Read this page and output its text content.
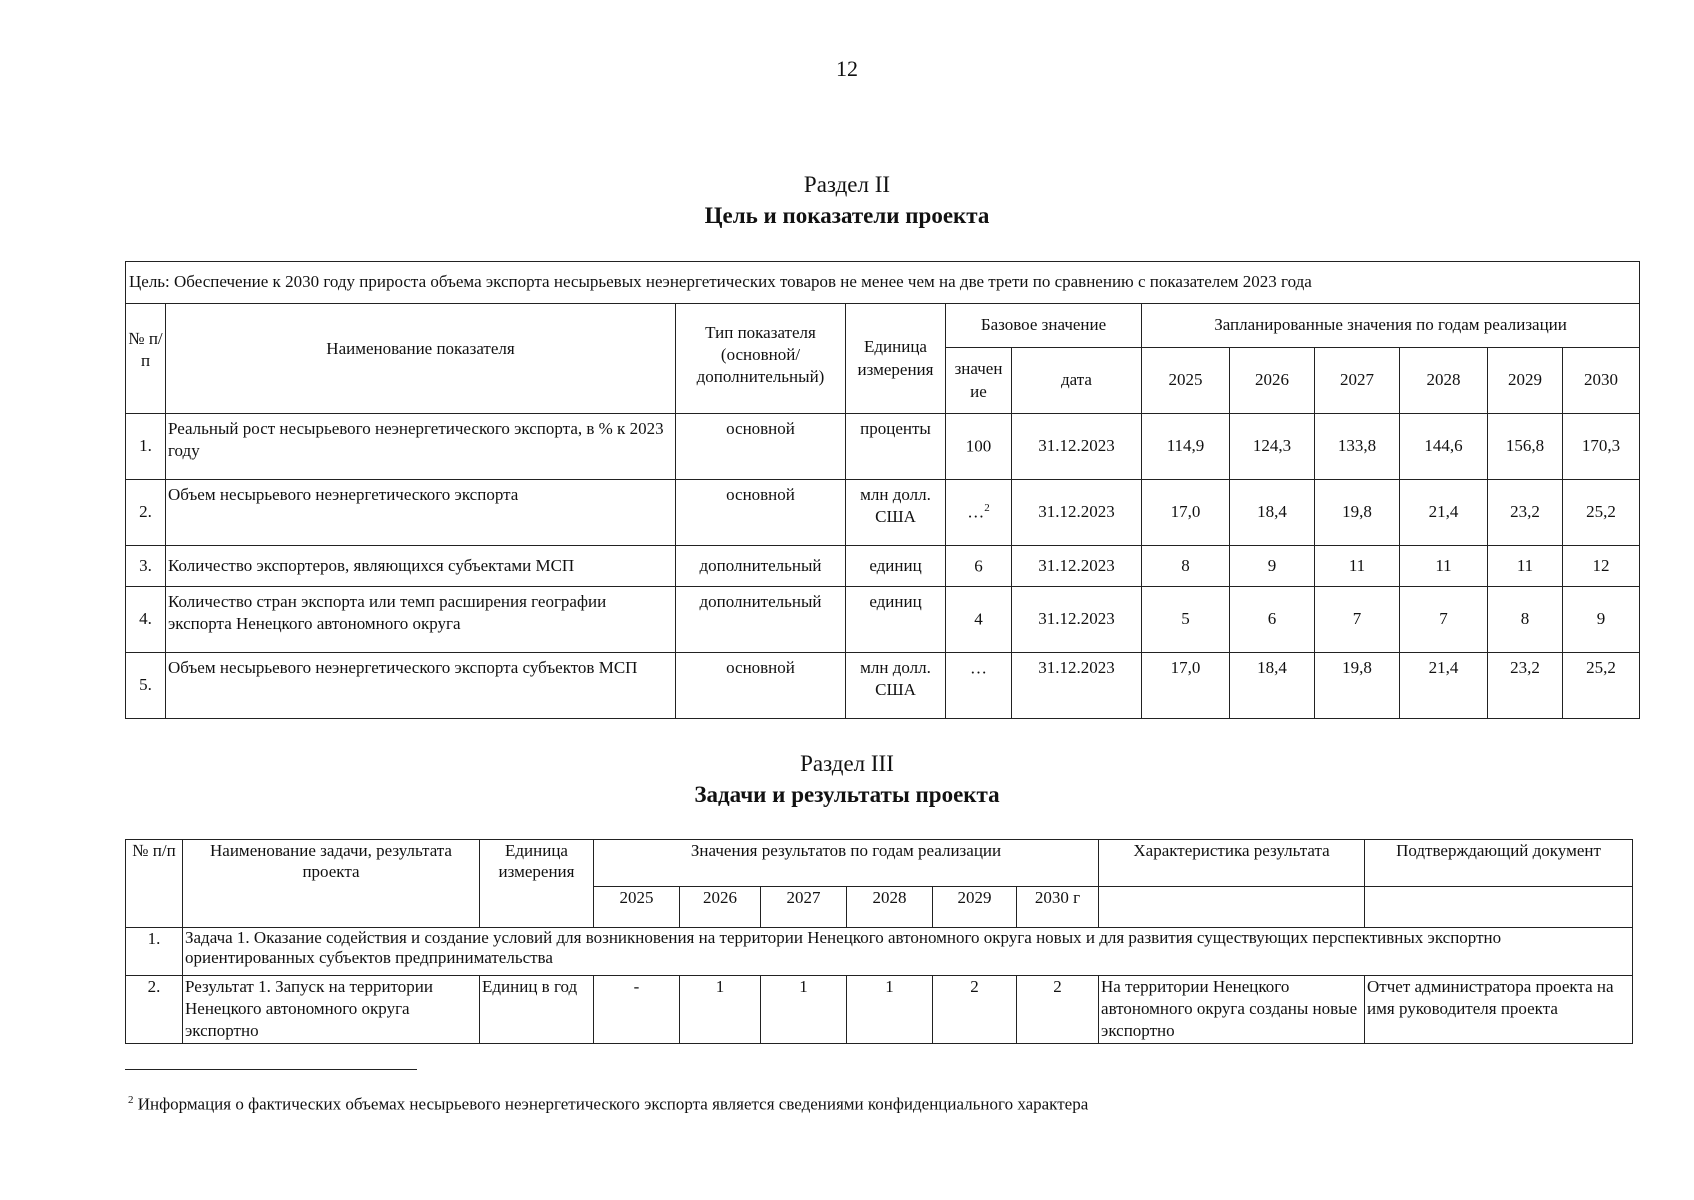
12
Раздел II
Цель и показатели проекта
Цель: Обеспечение к 2030 году прироста объема экспорта несырьевых неэнергетических товаров не менее чем на две трети по сравнению с показателем 2023 года											
№ п/п	Наименование показателя	Тип показателя (основной/ дополнительный)	Единица измерения	Базовое значение		Запланированные значения по годам реализации					
				значен ие	дата	2025	2026	2027	2028	2029	2030
1.	Реальный рост несырьевого неэнергетического экспорта, в % к 2023 году	основной	проценты	100	31.12.2023	114,9	124,3	133,8	144,6	156,8	170,3
2.	Объем несырьевого неэнергетического экспорта	основной	млн долл. США	…$^2$	31.12.2023	17,0	18,4	19,8	21,4	23,2	25,2
3.	Количество экспортеров, являющихся субъектами МСП	дополнительный	единиц	6	31.12.2023	8	9	11	11	11	12
4.	Количество стран экспорта или темп расширения географии экспорта Ненецкого автономного округа	дополнительный	единиц	4	31.12.2023	5	6	7	7	8	9
5.	Объем несырьевого неэнергетического экспорта субъектов МСП	основной	млн долл. США	…	31.12.2023	17,0	18,4	19,8	21,4	23,2	25,2
Раздел III
Задачи и результаты проекта
№ п/п	Наименование задачи, результата проекта	Единица измерения	Значения результатов по годам реализации						Характеристика результата	Подтверждающий документ
			2025	2026	2027	2028	2029	2030 г		
1.	Задача 1. Оказание содействия и создание условий для возникновения на территории Ненецкого автономного округа новых и для развития существующих перспективных экспортно ориентированных субъектов предпринимательства									
2.	Результат 1. Запуск на территории Ненецкого автономного округа экспортно	Единиц в год	-	1	1	1	2	2	На территории Ненецкого автономного округа созданы новые экспортно	Отчет администратора проекта на имя руководителя проекта
$^2$ Информация о фактических объемах несырьевого неэнергетического экспорта является сведениями конфиденциального характера
